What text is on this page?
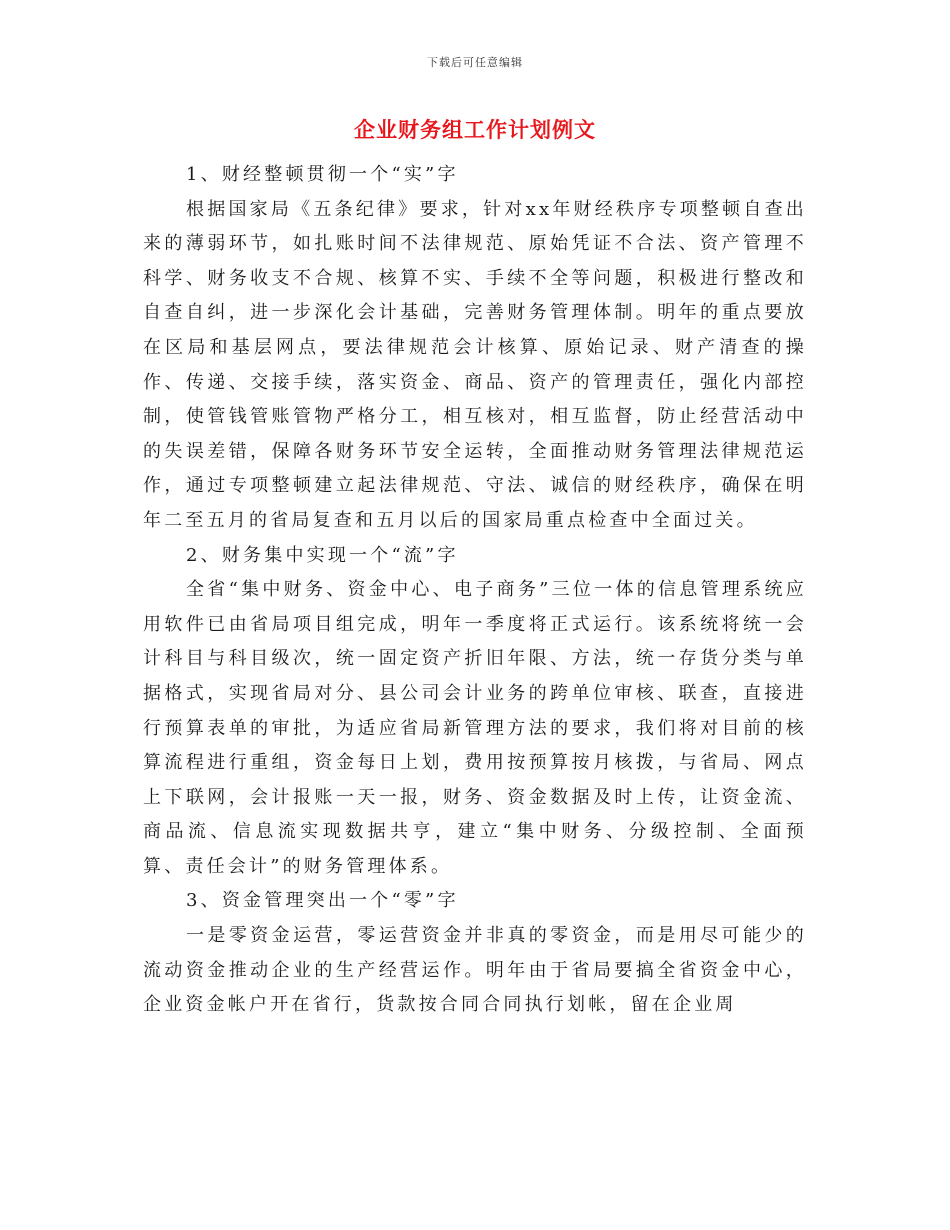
下载后可任意编辑
企业财务组工作计划例文

1、财经整顿贯彻一个“实”字

根据国家局《五条纪律》要求，针对xx年财经秩序专项整顿自查出来的薄弱环节，如扎账时间不法律规范、原始凭证不合法、资产管理不科学、财务收支不合规、核算不实、手续不全等问题，积极进行整改和自查自纠，进一步深化会计基础，完善财务管理体制。明年的重点要放在区局和基层网点，要法律规范会计核算、原始记录、财产清查的操作、传递、交接手续，落实资金、商品、资产的管理责任，强化内部控制，使管钱管账管物严格分工，相互核对，相互监督，防止经营活动中的失误差错，保障各财务环节安全运转，全面推动财务管理法律规范运作，通过专项整顿建立起法律规范、守法、诚信的财经秩序，确保在明年二至五月的省局复查和五月以后的国家局重点检查中全面过关。

2、财务集中实现一个“流”字

全省“集中财务、资金中心、电子商务”三位一体的信息管理系统应用软件已由省局项目组完成，明年一季度将正式运行。该系统将统一会计科目与科目级次，统一固定资产折旧年限、方法，统一存货分类与单据格式，实现省局对分、县公司会计业务的跨单位审核、联查，直接进行预算表单的审批，为适应省局新管理方法的要求，我们将对目前的核算流程进行重组，资金每日上划，费用按预算按月核拨，与省局、网点上下联网，会计报账一天一报，财务、资金数据及时上传，让资金流、商品流、信息流实现数据共亨，建立“集中财务、分级控制、全面预算、责任会计”的财务管理体系。

3、资金管理突出一个“零”字

一是零资金运营，零运营资金并非真的零资金，而是用尽可能少的流动资金推动企业的生产经营运作。明年由于省局要搞全省资金中心，企业资金帐户开在省行，货款按合同合同执行划帐，留在企业周
